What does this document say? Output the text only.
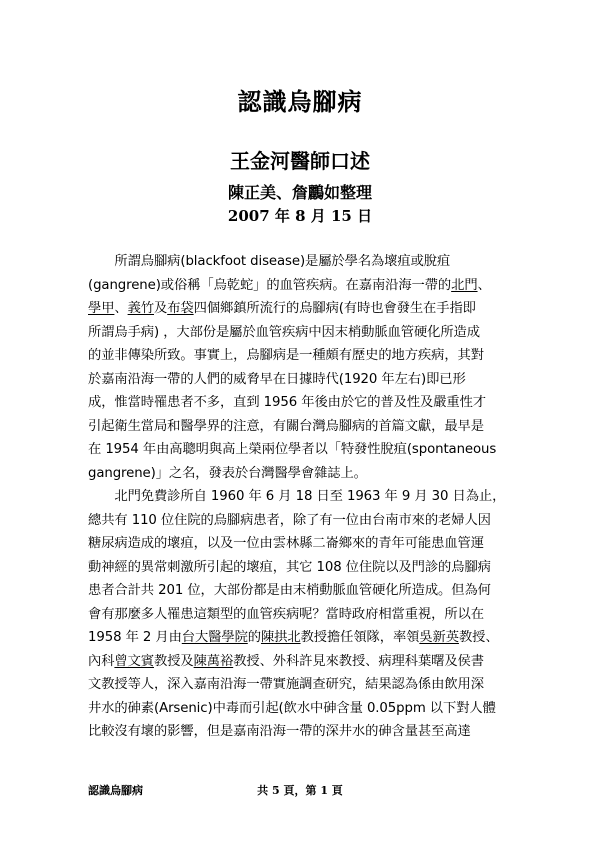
認識烏腳病
王金河醫師口述
陳正美、詹鸝如整理
2007 年 8 月 15 日
　　所謂烏腳病(blackfoot disease)是屬於學名為壞疽或脫疽
(gangrene)或俗稱「烏乾蛇」的血管疾病。在嘉南沿海一帶的北門、
學甲、義竹及布袋四個鄉鎮所流行的烏腳病(有時也會發生在手指即
所謂烏手病) ，大部份是屬於血管疾病中因末梢動脈血管硬化所造成
的並非傳染所致。事實上，烏腳病是一種頗有歷史的地方疾病，其對
於嘉南沿海一帶的人們的威脅早在日據時代(1920 年左右)即已形
成，惟當時罹患者不多，直到 1956 年後由於它的普及性及嚴重性才
引起衛生當局和醫學界的注意，有關台灣烏腳病的首篇文獻，最早是
在 1954 年由高聰明與高上榮兩位學者以「特發性脫疽(spontaneous
gangrene)」之名，發表於台灣醫學會雜誌上。
　　北門免費診所自 1960 年 6 月 18 日至 1963 年 9 月 30 日為止，
總共有 110 位住院的烏腳病患者，除了有一位由台南市來的老婦人因
糖尿病造成的壞疽，以及一位由雲林縣二崙鄉來的青年可能患血管運
動神經的異常刺激所引起的壞疽，其它 108 位住院以及門診的烏腳病
患者合計共 201 位，大部份都是由末梢動脈血管硬化所造成。但為何
會有那麼多人罹患這類型的血管疾病呢？當時政府相當重視，所以在
1958 年 2 月由台大醫學院的陳拱北教授擔任領隊，率領吳新英教授、
內科曾文賓教授及陳萬裕教授、外科許見來教授、病理科葉曙及侯書
文教授等人，深入嘉南沿海一帶實施調查研究，結果認為係由飲用深
井水的砷素(Arsenic)中毒而引起(飲水中砷含量 0.05ppm 以下對人體
比較沒有壞的影響，但是嘉南沿海一帶的深井水的砷含量甚至高達
認識烏腳病	共 5 頁，第 1 頁
